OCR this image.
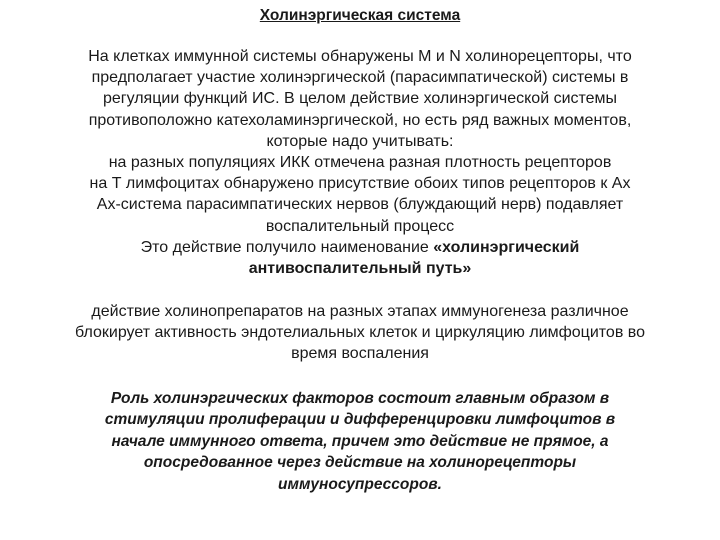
Холинэргическая система
На клетках иммунной системы обнаружены М и N холинорецепторы, что
предполагает участие холинэргической (парасимпатической) системы в
регуляции функций ИС. В целом действие холинэргической системы
противоположно катехоламинэргической, но есть ряд важных моментов,
которые надо учитывать:
на разных популяциях ИКК отмечена разная плотность рецепторов
на Т лимфоцитах обнаружено присутствие обоих типов рецепторов к Ах
Ах-система парасимпатических нервов (блуждающий нерв) подавляет
воспалительный процесс
Это действие получило наименование «холинэргический
антивоспалительный путь»
действие холинопрепаратов на разных этапах иммуногенеза различное
блокирует активность эндотелиальных клеток и циркуляцию лимфоцитов во
время воспаления
Роль холинэргических факторов состоит главным образом в
стимуляции пролиферации и дифференцировки лимфоцитов в
начале иммунного ответа, причем это действие не прямое, а
опосредованное через действие на холинорецепторы
иммуносупрессоров.
